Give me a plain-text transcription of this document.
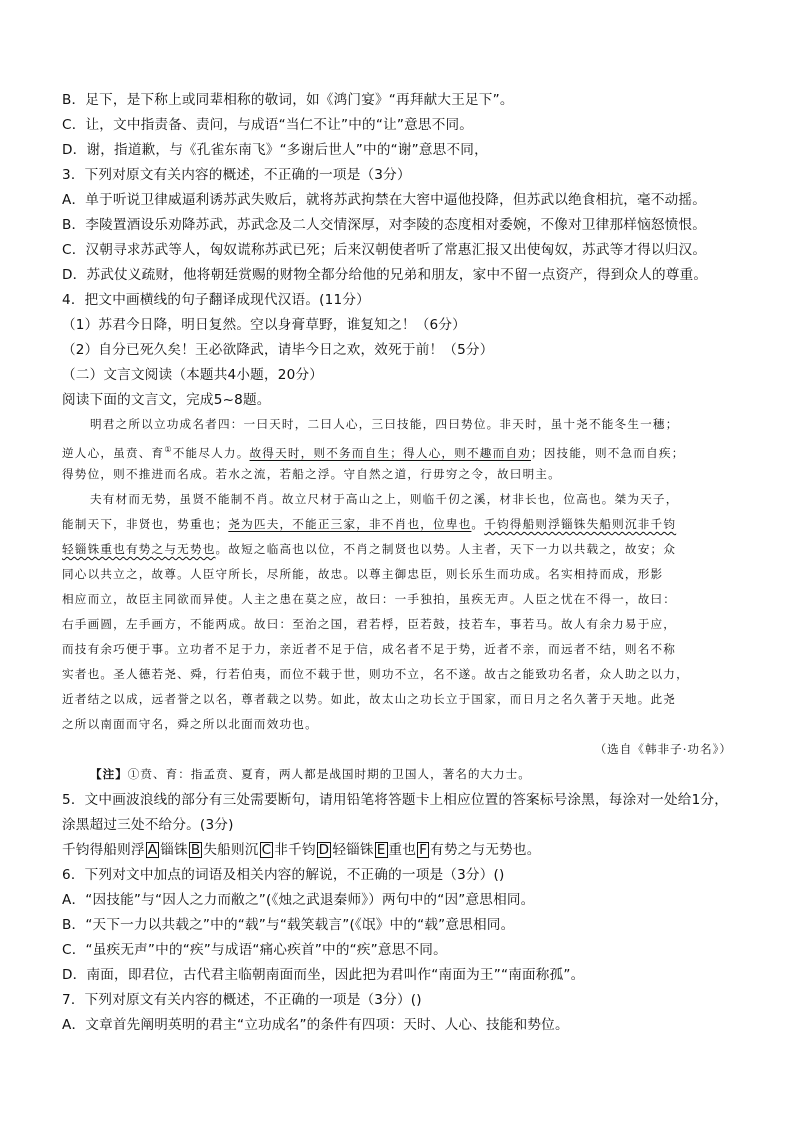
B．足下，是下称上或同辈相称的敬词，如《鸿门宴》“再拜献大王足下”。
C．让，文中指责备、责问，与成语“当仁不让”中的“让”意思不同。
D．谢，指道歉，与《孔雀东南飞》“多谢后世人”中的“谢”意思不同，
3．下列对原文有关内容的概述，不正确的一项是（3分）
A．单于听说卫律威逼利诱苏武失败后，就将苏武拘禁在大窖中逼他投降，但苏武以绝食相抗，毫不动摇。
B．李陵置酒设乐劝降苏武，苏武念及二人交情深厚，对李陵的态度相对委婉，不像对卫律那样恼怒愤恨。
C．汉朝寻求苏武等人，匈奴谎称苏武已死；后来汉朝使者听了常惠汇报又出使匈奴，苏武等才得以归汉。
D．苏武仗义疏财，他将朝廷赏赐的财物全都分给他的兄弟和朋友，家中不留一点资产，得到众人的尊重。
4．把文中画横线的句子翻译成现代汉语。(11分）
（1）苏君今日降，明日复然。空以身膏草野，谁复知之！（6分）
（2）自分已死久矣！王必欲降武，请毕今日之欢，效死于前！（5分）
（二）文言文阅读（本题共4小题，20分）
阅读下面的文言文，完成5~8题。
明君之所以立功成名者四：一曰天时，二曰人心，三曰技能，四曰势位。非天时，虽十尧不能冬生一穗；
逆人心，虽贲、育①不能尽人力。故得天时，则不务而自生；得人心，则不趣而自劝；因技能，则不急而自疾；
得势位，则不推进而名成。若水之流，若船之浮。守自然之道，行毋穷之令，故曰明主。
夫有材而无势，虽贤不能制不肖。故立尺材于高山之上，则临千仞之溪，材非长也，位高也。桀为天子，
能制天下，非贤也，势重也；尧为匹夫，不能正三家，非不肖也，位卑也。千钧得船则浮锱铢失船则沉非千钧
轻锱铢重也有势之与无势也。故短之临高也以位，不肖之制贤也以势。人主者，天下一力以共载之，故安；众
同心以共立之，故尊。人臣守所长，尽所能，故忠。以尊主御忠臣，则长乐生而功成。名实相持而成，形影
相应而立，故臣主同欲而异使。人主之患在莫之应，故曰：一手独拍，虽疾无声。人臣之忧在不得一，故曰：
右手画圆，左手画方，不能两成。故曰：至治之国，君若桴，臣若鼓，技若车，事若马。故人有余力易于应，
而技有余巧便于事。立功者不足于力，亲近者不足于信，成名者不足于势，近者不亲，而远者不结，则名不称
实者也。圣人德若尧、舜，行若伯夷，而位不载于世，则功不立，名不遂。故古之能致功名者，众人助之以力，
近者结之以成，远者誉之以名，尊者载之以势。如此，故太山之功长立于国家，而日月之名久著于天地。此尧
之所以南面而守名，舜之所以北面而效功也。
（选自《韩非子·功名》）
【注】①贲、育：指孟贲、夏育，两人都是战国时期的卫国人，著名的大力士。
5．文中画波浪线的部分有三处需要断句，请用铅笔将答题卡上相应位置的答案标号涂黑，每涂对一处给1分，
涂黑超过三处不给分。(3分)
千钧得船则浮 A 锱铢 B 失船则沉 C 非千钧 D 轻锱铢 E 重也 F 有势之与无势也。
6．下列对文中加点的词语及相关内容的解说，不正确的一项是（3分）()
A．“因技能”与“因人之力而敝之”(《烛之武退秦师》）两句中的“因”意思相同。
B．“天下一力以共载之”中的“载”与“载笑载言”(《氓》中的“载”意思相同。
C．“虽疾无声”中的“疾”与成语“痛心疾首”中的“疾”意思不同。
D．南面，即君位，古代君主临朝南面而坐，因此把为君叫作“南面为王”“南面称孤”。
7．下列对原文有关内容的概述，不正确的一项是（3分）()
A．文章首先阐明英明的君主“立功成名”的条件有四项：天时、人心、技能和势位。
